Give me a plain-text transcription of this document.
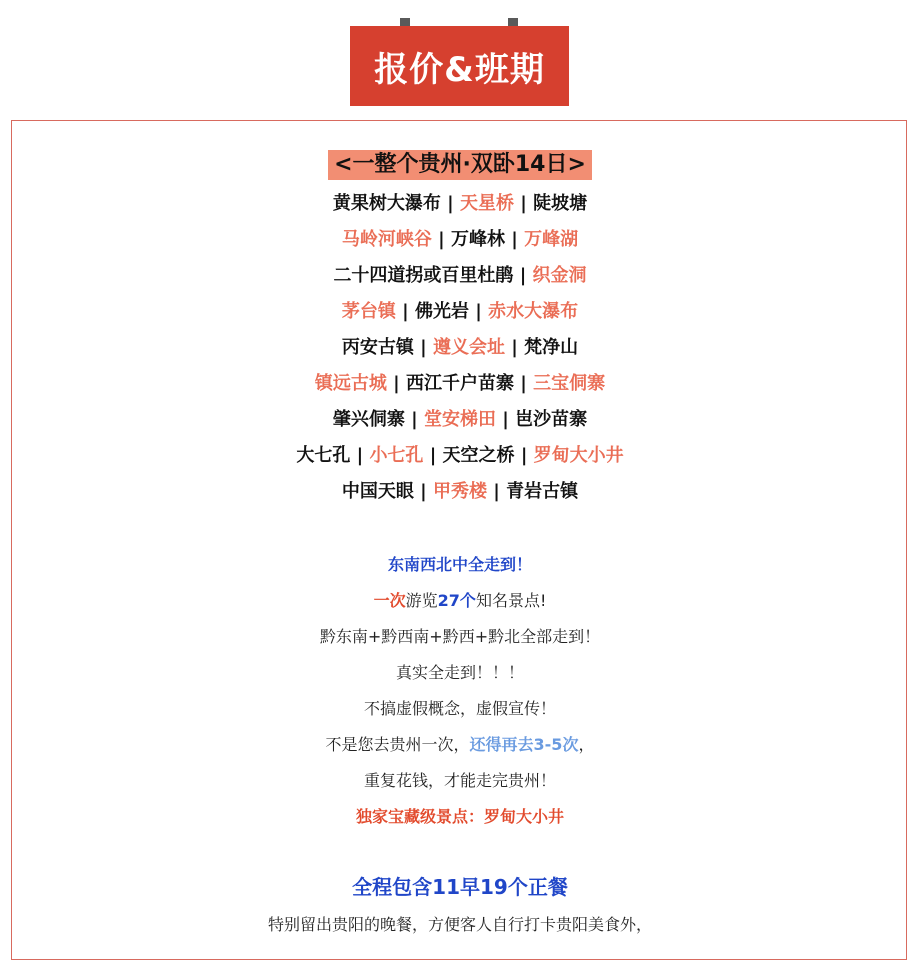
报价&班期
<一整个贵州·双卧14日>
黄果树大瀑布 | 天星桥 | 陡坡塘
马岭河峡谷 | 万峰林 | 万峰湖
二十四道拐或百里杜鹃 | 织金洞
茅台镇 | 佛光岩 | 赤水大瀑布
丙安古镇 | 遵义会址 | 梵净山
镇远古城 | 西江千户苗寨 | 三宝侗寨
肇兴侗寨 | 堂安梯田 | 岜沙苗寨
大七孔 | 小七孔 | 天空之桥 | 罗甸大小井
中国天眼 | 甲秀楼 | 青岩古镇
东南西北中全走到！
一次游览27个知名景点!
黔东南+黔西南+黔西+黔北全部走到！
真实全走到！！！
不搞虚假概念，虚假宣传！
不是您去贵州一次，还得再去3-5次，
重复花钱，才能走完贵州！
独家宝藏级景点：罗甸大小井
全程包含11早19个正餐
特别留出贵阳的晚餐，方便客人自行打卡贵阳美食外，
